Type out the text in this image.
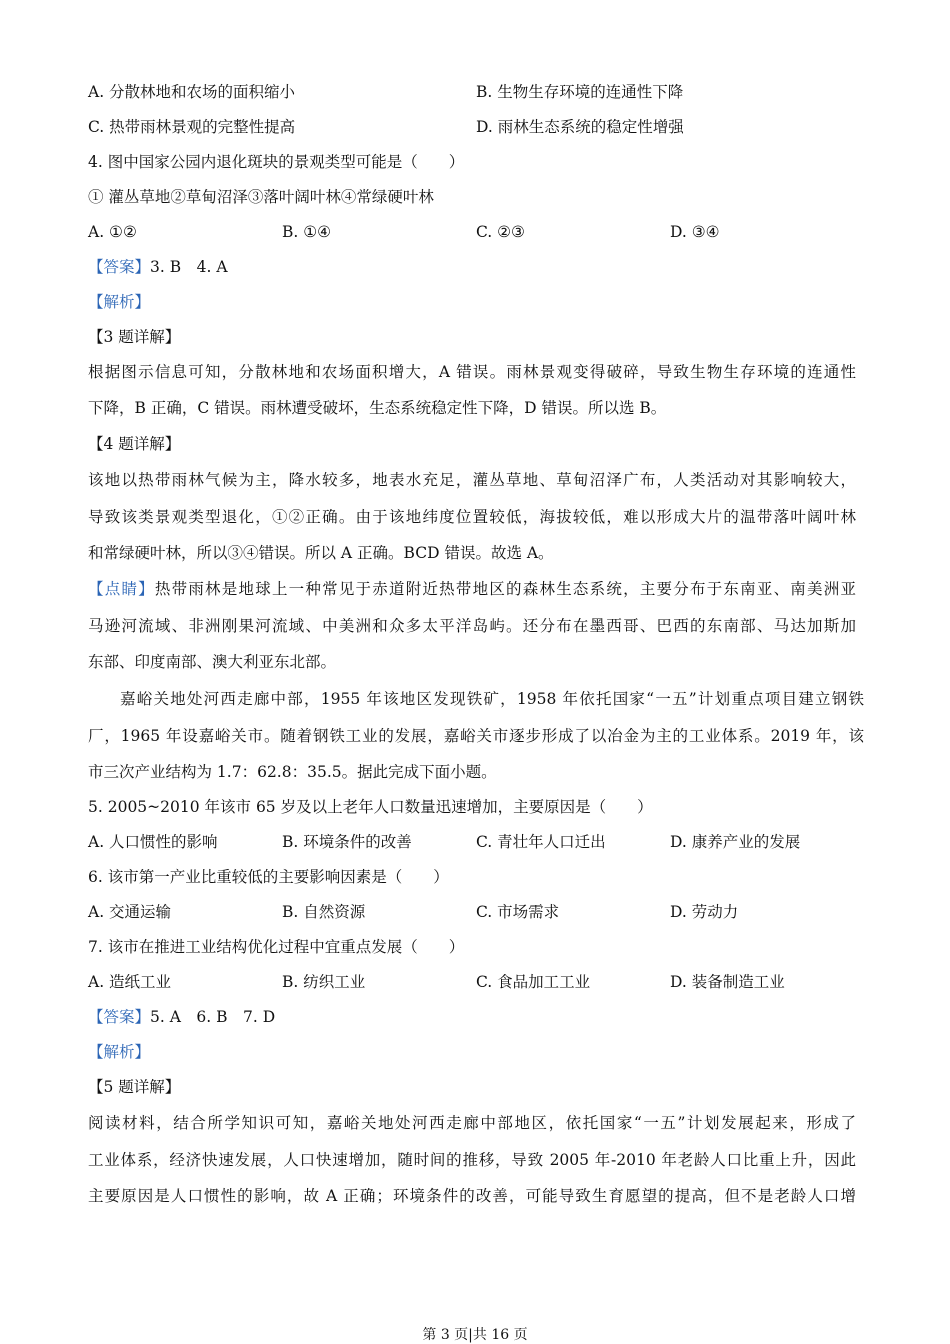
A. 分散林地和农场的面积缩小	B. 生物生存环境的连通性下降
C. 热带雨林景观的完整性提高	D. 雨林生态系统的稳定性增强
4. 图中国家公园内退化斑块的景观类型可能是（　　）
① 灌丛草地②草甸沼泽③落叶阔叶林④常绿硬叶林
A. ①②	B. ①④	C. ②③	D. ③④
【答案】3. B　4. A
【解析】
【3 题详解】
根据图示信息可知，分散林地和农场面积增大，A 错误。雨林景观变得破碎，导致生物生存环境的连通性
下降，B 正确，C 错误。雨林遭受破坏，生态系统稳定性下降，D 错误。所以选 B。
【4 题详解】
该地以热带雨林气候为主，降水较多，地表水充足，灌丛草地、草甸沼泽广布，人类活动对其影响较大，
导致该类景观类型退化，①②正确。由于该地纬度位置较低，海拔较低，难以形成大片的温带落叶阔叶林
和常绿硬叶林，所以③④错误。所以 A 正确。BCD 错误。故选 A。
【点睛】热带雨林是地球上一种常见于赤道附近热带地区的森林生态系统，主要分布于东南亚、南美洲亚
马逊河流域、非洲刚果河流域、中美洲和众多太平洋岛屿。还分布在墨西哥、巴西的东南部、马达加斯加
东部、印度南部、澳大利亚东北部。
嘉峪关地处河西走廊中部，1955 年该地区发现铁矿，1958 年依托国家“一五”计划重点项目建立钢铁
厂，1965 年设嘉峪关市。随着钢铁工业的发展，嘉峪关市逐步形成了以冶金为主的工业体系。2019 年，该
市三次产业结构为 1.7：62.8：35.5。据此完成下面小题。
5. 2005~2010 年该市 65 岁及以上老年人口数量迅速增加，主要原因是（　　）
A. 人口惯性的影响	B. 环境条件的改善	C. 青壮年人口迁出	D. 康养产业的发展
6. 该市第一产业比重较低的主要影响因素是（　　）
A. 交通运输	B. 自然资源	C. 市场需求	D. 劳动力
7. 该市在推进工业结构优化过程中宜重点发展（　　）
A. 造纸工业	B. 纺织工业	C. 食品加工工业	D. 装备制造工业
【答案】5. A　6. B　7. D
【解析】
【5 题详解】
阅读材料，结合所学知识可知，嘉峪关地处河西走廊中部地区，依托国家“一五”计划发展起来，形成了
工业体系，经济快速发展，人口快速增加，随时间的推移，导致 2005 年-2010 年老龄人口比重上升，因此
主要原因是人口惯性的影响，故 A 正确；环境条件的改善，可能导致生育愿望的提高，但不是老龄人口增
第 3 页|共 16 页
